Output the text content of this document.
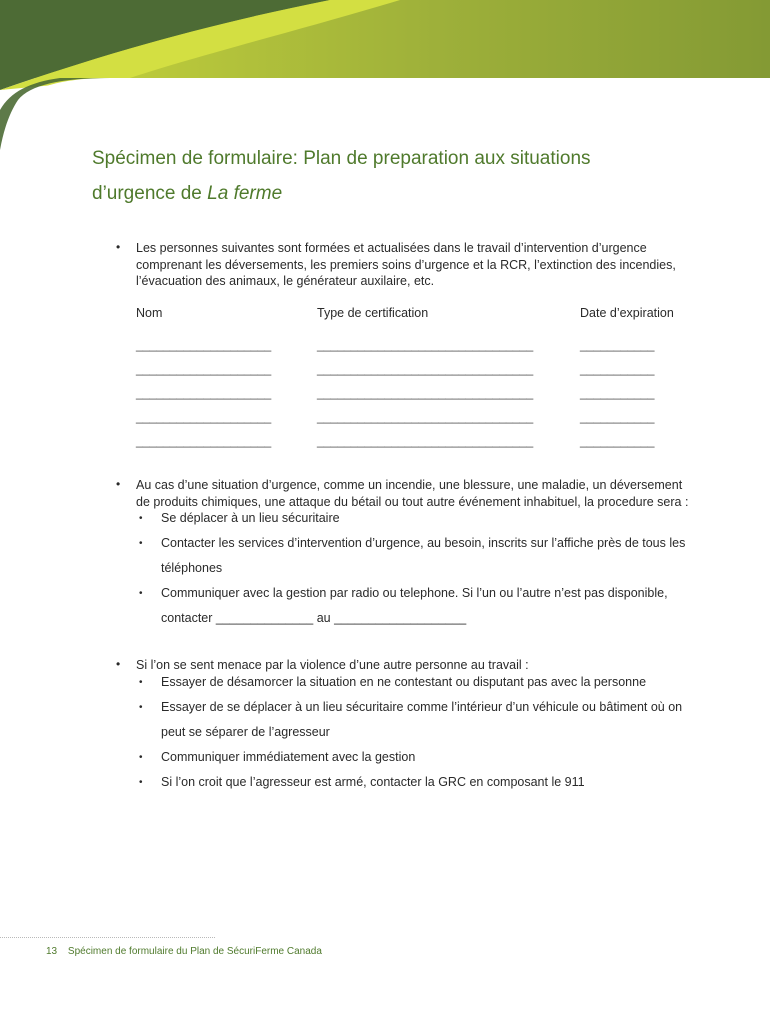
Spécimen de formulaire: Plan de preparation aux situations
d’urgence de La ferme
• Les personnes suivantes sont formées et actualisées dans le travail d’intervention d’urgence comprenant les déversements, les premiers soins d’urgence et la RCR, l’extinction des incendies, l’évacuation des animaux, le générateur auxilaire, etc.

Nom	Type de certification	Date d’expiration
____________________	________________________________	___________
____________________	________________________________	___________
____________________	________________________________	___________
____________________	________________________________	___________
____________________	________________________________	___________
• Au cas d’une situation d’urgence, comme un incendie, une blessure, une maladie, un déversement de produits chimiques, une attaque du bétail ou tout autre événement inhabituel, la procedure sera :

• Se déplacer à un lieu sécuritaire
• Contacter les services d’intervention d’urgence, au besoin, inscrits sur l’affiche près de tous les téléphones
• Communiquer avec la gestion par radio ou telephone. Si l’un ou l’autre n’est pas disponible, contacter ______________ au ___________________
• Si l’on se sent menace par la violence d’une autre personne au travail :

• Essayer de désamorcer la situation en ne contestant ou disputant pas avec la personne
• Essayer de se déplacer à un lieu sécuritaire comme l’intérieur d’un véhicule ou bâtiment où on peut se séparer de l’agresseur
• Communiquer immédiatement avec la gestion
• Si l’on croit que l’agresseur est armé, contacter la GRC en composant le 911
13 Spécimen de formulaire du Plan de SécuriFerme Canada
